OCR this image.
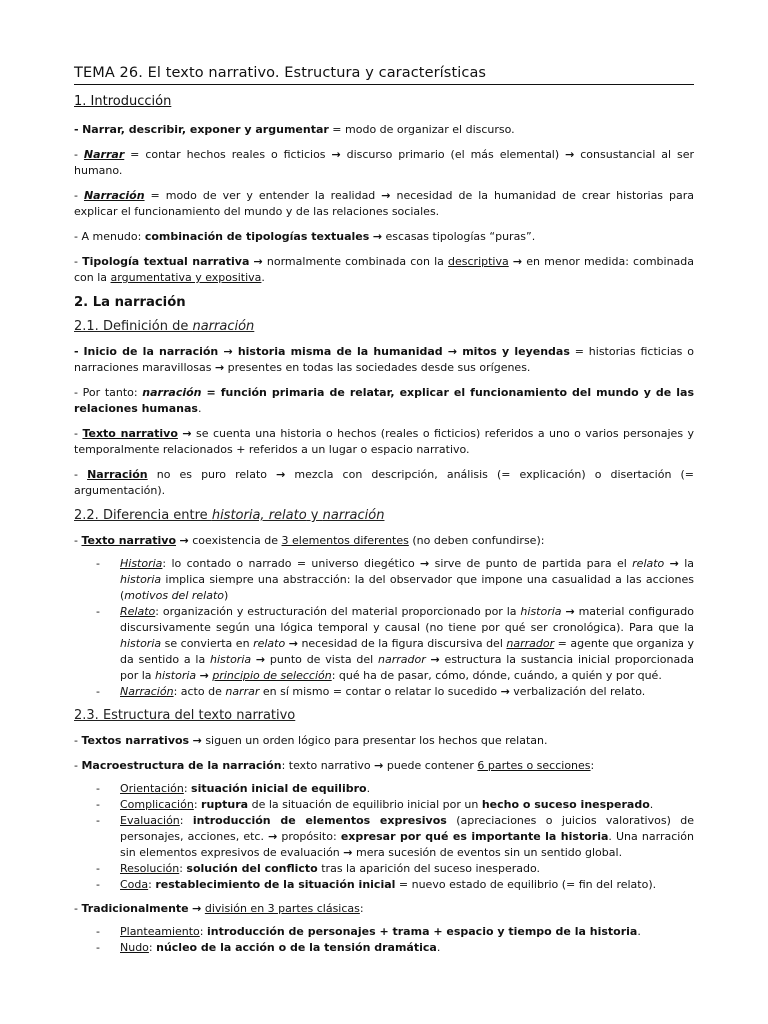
TEMA 26. El texto narrativo. Estructura y características
1. Introducción

- Narrar, describir, exponer y argumentar = modo de organizar el discurso.

- Narrar = contar hechos reales o ficticios → discurso primario (el más elemental) → consustancial al ser humano.

- Narración = modo de ver y entender la realidad → necesidad de la humanidad de crear historias para explicar el funcionamiento del mundo y de las relaciones sociales.

- A menudo: combinación de tipologías textuales → escasas tipologías “puras”.

- Tipología textual narrativa → normalmente combinada con la descriptiva → en menor medida: combinada con la argumentativa y expositiva.

2. La narración
2.1. Definición de narración

- Inicio de la narración → historia misma de la humanidad → mitos y leyendas = historias ficticias o narraciones maravillosas → presentes en todas las sociedades desde sus orígenes.

- Por tanto: narración = función primaria de relatar, explicar el funcionamiento del mundo y de las relaciones humanas.

- Texto narrativo → se cuenta una historia o hechos (reales o ficticios) referidos a uno o varios personajes y temporalmente relacionados + referidos a un lugar o espacio narrativo.

- Narración no es puro relato → mezcla con descripción, análisis (= explicación) o disertación (= argumentación).

2.2. Diferencia entre historia, relato y narración

- Texto narrativo → coexistencia de 3 elementos diferentes (no deben confundirse):

- Historia: lo contado o narrado = universo diegético → sirve de punto de partida para el relato → la historia implica siempre una abstracción: la del observador que impone una casualidad a las acciones (motivos del relato)
- Relato: organización y estructuración del material proporcionado por la historia → material configurado discursivamente según una lógica temporal y causal (no tiene por qué ser cronológica). Para que la historia se convierta en relato → necesidad de la figura discursiva del narrador = agente que organiza y da sentido a la historia → punto de vista del narrador → estructura la sustancia inicial proporcionada por la historia → principio de selección: qué ha de pasar, cómo, dónde, cuándo, a quién y por qué.
- Narración: acto de narrar en sí mismo = contar o relatar lo sucedido → verbalización del relato.
2.3. Estructura del texto narrativo

- Textos narrativos → siguen un orden lógico para presentar los hechos que relatan.

- Macroestructura de la narración: texto narrativo → puede contener 6 partes o secciones:

- Orientación: situación inicial de equilibro.
- Complicación: ruptura de la situación de equilibrio inicial por un hecho o suceso inesperado.
- Evaluación: introducción de elementos expresivos (apreciaciones o juicios valorativos) de personajes, acciones, etc. → propósito: expresar por qué es importante la historia. Una narración sin elementos expresivos de evaluación → mera sucesión de eventos sin un sentido global.
- Resolución: solución del conflicto tras la aparición del suceso inesperado.
- Coda: restablecimiento de la situación inicial = nuevo estado de equilibrio (= fin del relato).

- Tradicionalmente → división en 3 partes clásicas:

- Planteamiento: introducción de personajes + trama + espacio y tiempo de la historia.
- Nudo: núcleo de la acción o de la tensión dramática.
